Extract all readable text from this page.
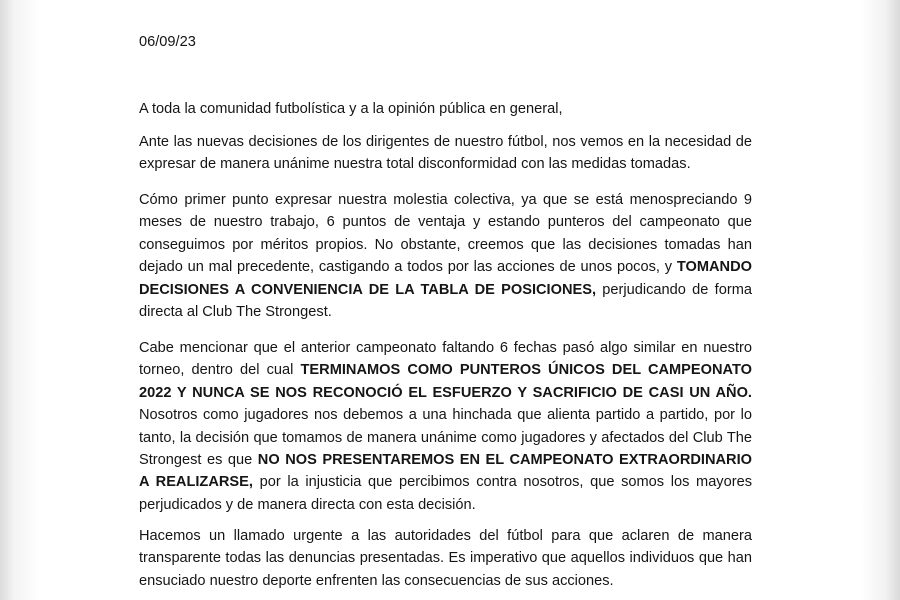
06/09/23

A toda la comunidad futbolística y a la opinión pública en general,

Ante las nuevas decisiones de los dirigentes de nuestro fútbol, nos vemos en la necesidad de expresar de manera unánime nuestra total disconformidad con las medidas tomadas.

Cómo primer punto expresar nuestra molestia colectiva, ya que se está menospreciando 9 meses de nuestro trabajo, 6 puntos de ventaja y estando punteros del campeonato que conseguimos por méritos propios. No obstante, creemos que las decisiones tomadas han dejado un mal precedente, castigando a todos por las acciones de unos pocos, y TOMANDO DECISIONES A CONVENIENCIA DE LA TABLA DE POSICIONES, perjudicando de forma directa al Club The Strongest.

Cabe mencionar que el anterior campeonato faltando 6 fechas pasó algo similar en nuestro torneo, dentro del cual TERMINAMOS COMO PUNTEROS ÚNICOS DEL CAMPEONATO 2022 Y NUNCA SE NOS RECONOCIÓ EL ESFUERZO Y SACRIFICIO DE CASI UN AÑO. Nosotros como jugadores nos debemos a una hinchada que alienta partido a partido, por lo tanto, la decisión que tomamos de manera unánime como jugadores y afectados del Club The Strongest es que NO NOS PRESENTAREMOS EN EL CAMPEONATO EXTRAORDINARIO A REALIZARSE, por la injusticia que percibimos contra nosotros, que somos los mayores perjudicados y de manera directa con esta decisión.

Hacemos un llamado urgente a las autoridades del fútbol para que aclaren de manera transparente todas las denuncias presentadas. Es imperativo que aquellos individuos que han ensuciado nuestro deporte enfrenten las consecuencias de sus acciones.
